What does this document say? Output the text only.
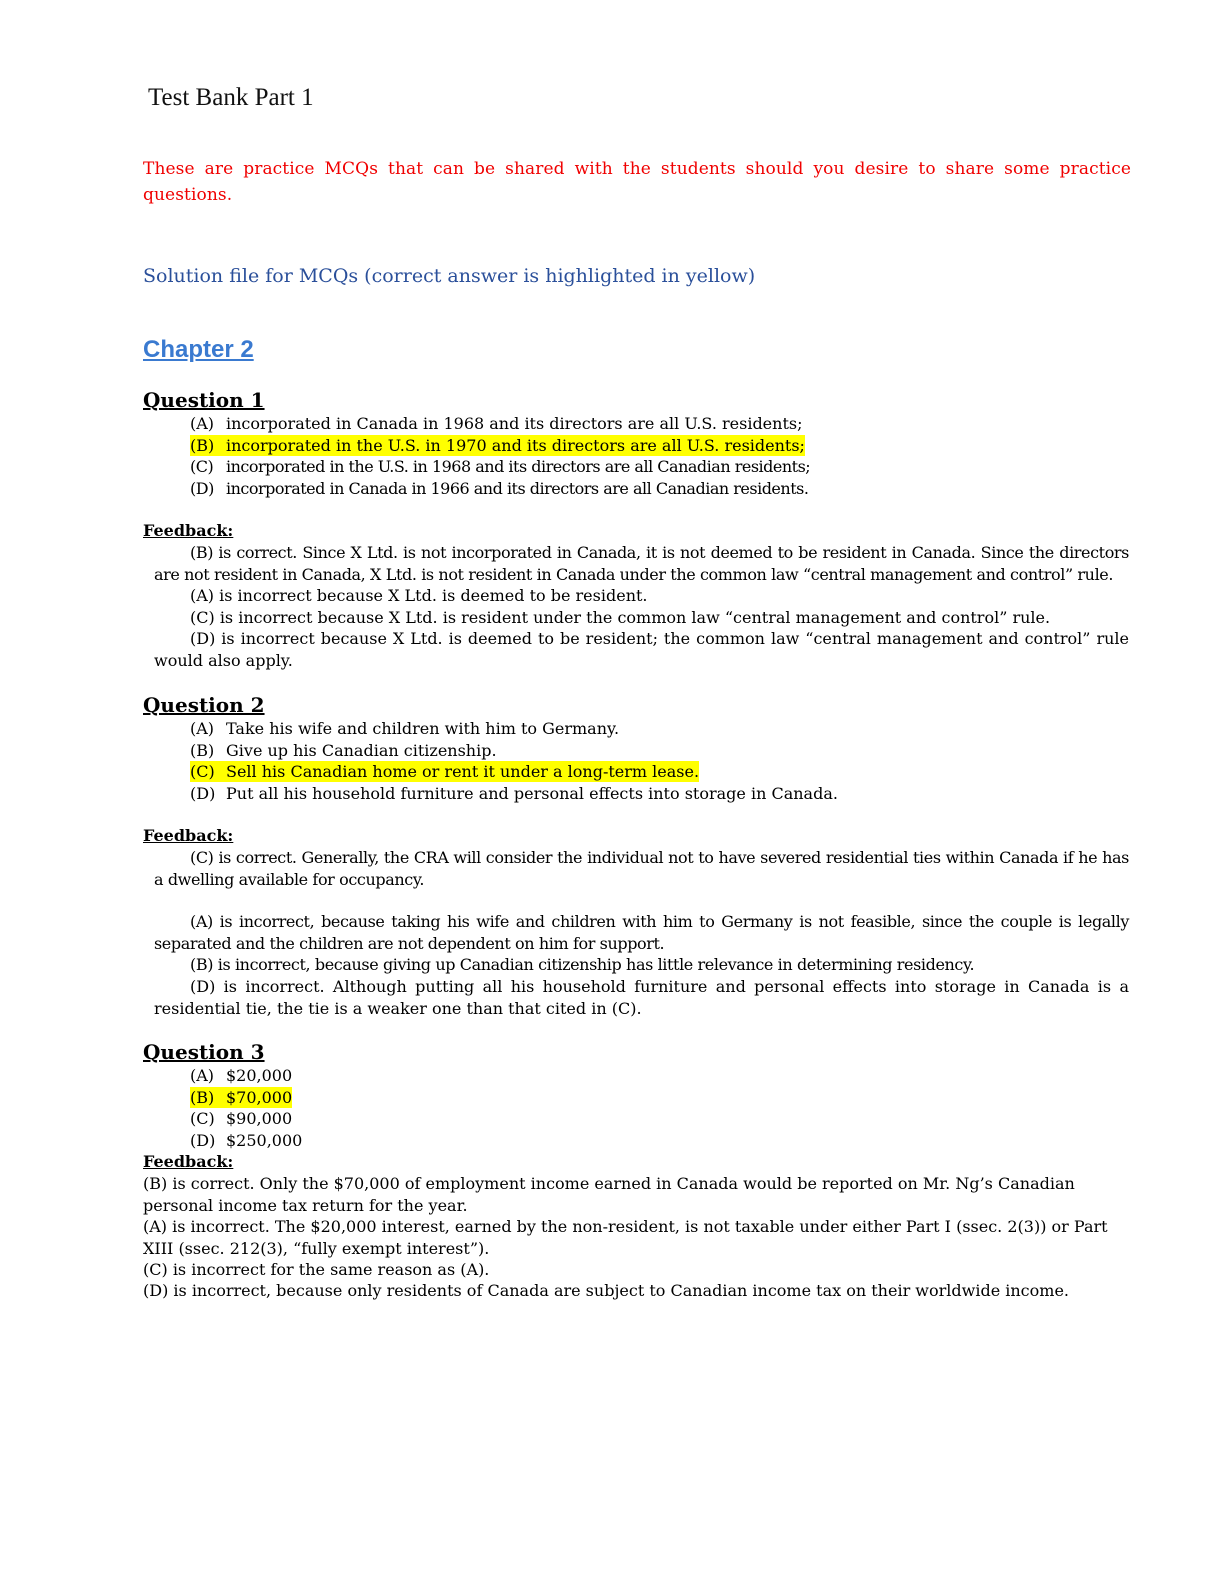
Test Bank Part 1
These are practice MCQs that can be shared with the students should you desire to share some practice questions.
Solution file for MCQs (correct answer is highlighted in yellow)
Chapter 2
Question 1
(A) incorporated in Canada in 1968 and its directors are all U.S. residents;
(B) incorporated in the U.S. in 1970 and its directors are all U.S. residents;
(C) incorporated in the U.S. in 1968 and its directors are all Canadian residents;
(D) incorporated in Canada in 1966 and its directors are all Canadian residents.
Feedback:
(B) is correct. Since X Ltd. is not incorporated in Canada, it is not deemed to be resident in Canada. Since the directors are not resident in Canada, X Ltd. is not resident in Canada under the common law “central management and control” rule.
(A) is incorrect because X Ltd. is deemed to be resident.
(C) is incorrect because X Ltd. is resident under the common law “central management and control” rule.
(D) is incorrect because X Ltd. is deemed to be resident; the common law “central management and control” rule would also apply.
Question 2
(A) Take his wife and children with him to Germany.
(B) Give up his Canadian citizenship.
(C) Sell his Canadian home or rent it under a long-term lease.
(D) Put all his household furniture and personal effects into storage in Canada.
Feedback:
(C) is correct. Generally, the CRA will consider the individual not to have severed residential ties within Canada if he has a dwelling available for occupancy.
(A) is incorrect, because taking his wife and children with him to Germany is not feasible, since the couple is legally separated and the children are not dependent on him for support.
(B) is incorrect, because giving up Canadian citizenship has little relevance in determining residency.
(D) is incorrect. Although putting all his household furniture and personal effects into storage in Canada is a residential tie, the tie is a weaker one than that cited in (C).
Question 3
(A) $20,000
(B) $70,000
(C) $90,000
(D) $250,000
Feedback:
(B) is correct. Only the $70,000 of employment income earned in Canada would be reported on Mr. Ng’s Canadian personal income tax return for the year.
(A) is incorrect. The $20,000 interest, earned by the non-resident, is not taxable under either Part I (ssec. 2(3)) or Part XIII (ssec. 212(3), “fully exempt interest”).
(C) is incorrect for the same reason as (A).
(D) is incorrect, because only residents of Canada are subject to Canadian income tax on their worldwide income.
